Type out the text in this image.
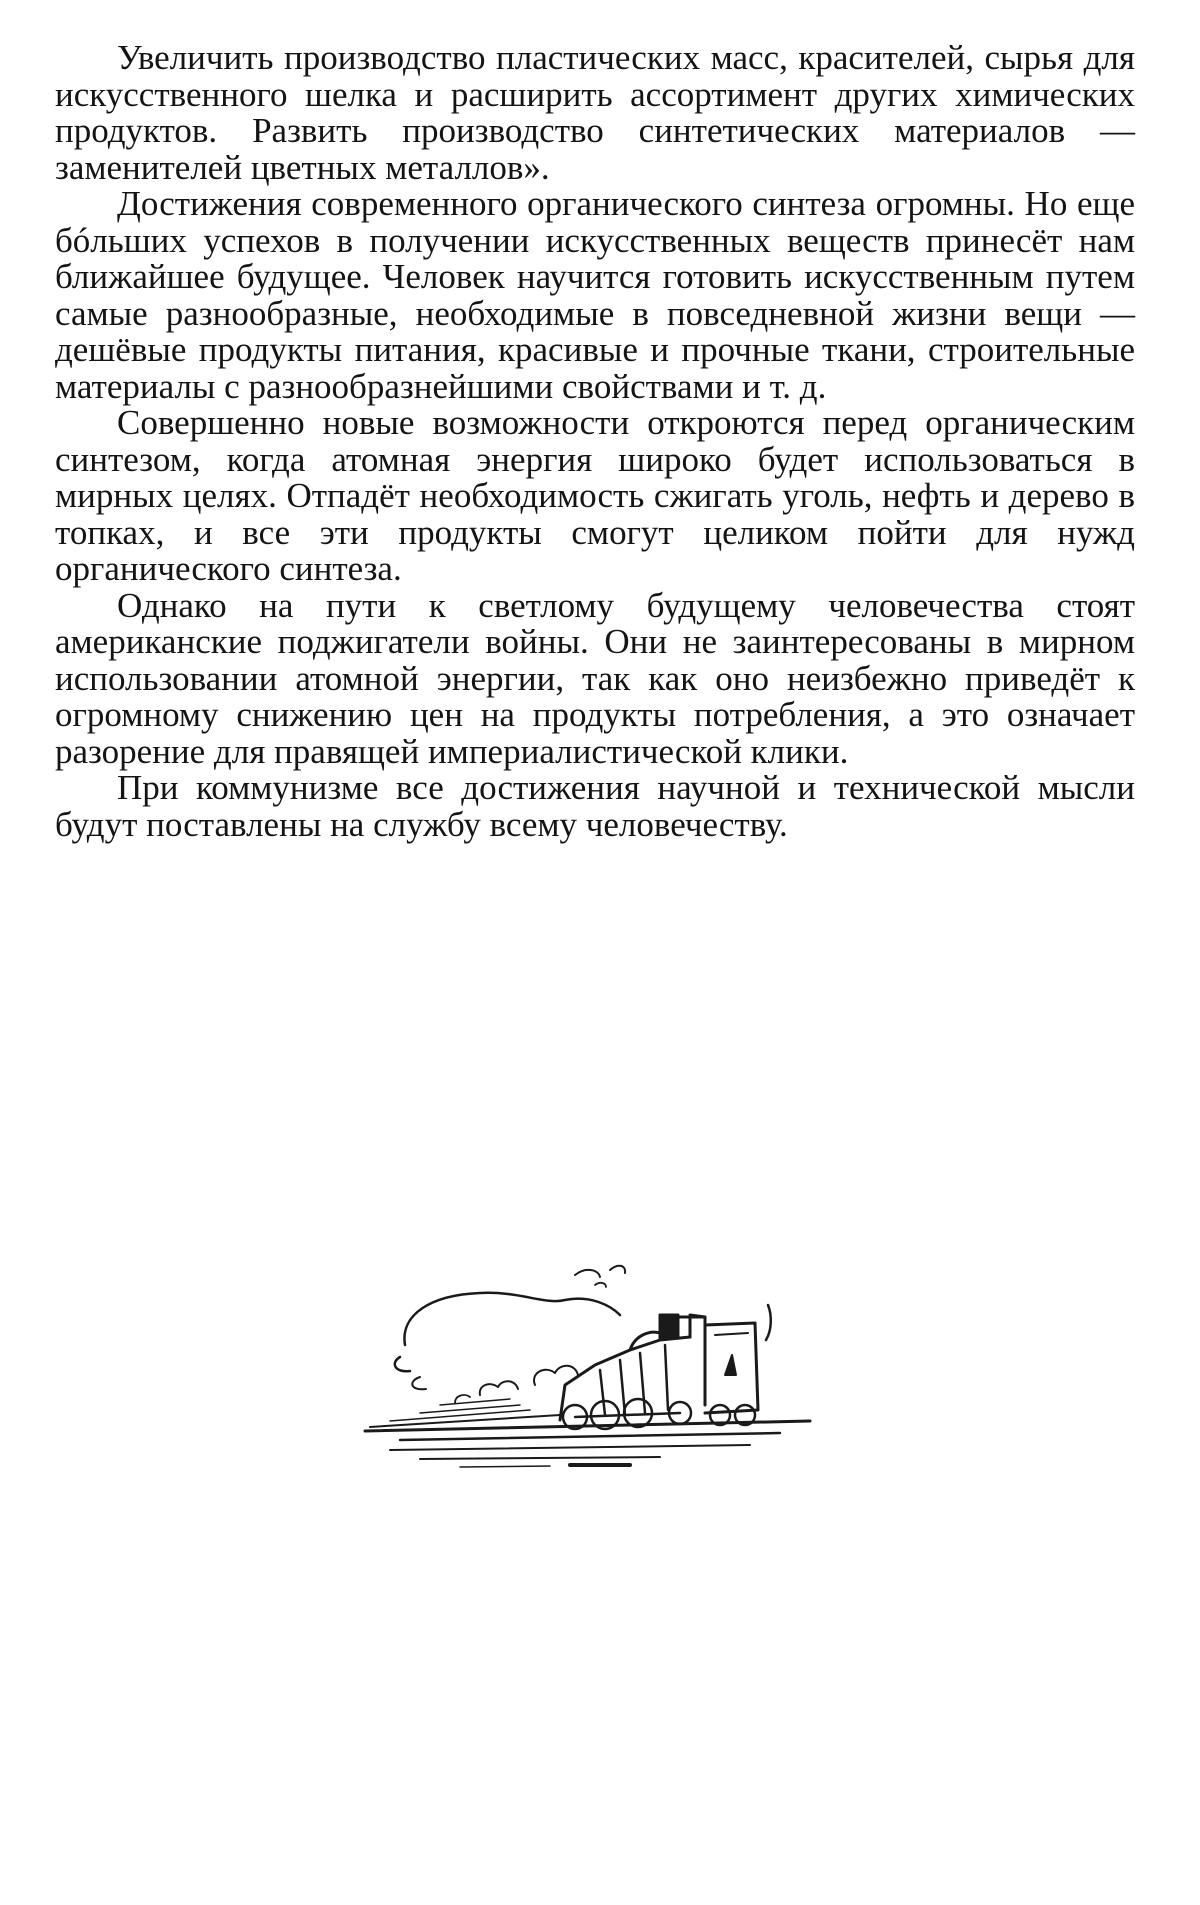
Увеличить производство пластических масс, красителей, сырья для искусственного шелка и расширить ассортимент других химических продуктов. Развить производство синтетических материалов — заменителей цветных металлов».

Достижения современного органического синтеза огромны. Но еще бóльших успехов в получении искусственных веществ принесёт нам ближайшее будущее. Человек научится готовить искусственным путем самые разнообразные, необходимые в повседневной жизни вещи — дешёвые продукты питания, красивые и прочные ткани, строительные материалы с разнообразнейшими свойствами и т. д.

Совершенно новые возможности откроются перед органическим синтезом, когда атомная энергия широко будет использоваться в мирных целях. Отпадёт необходимость сжигать уголь, нефть и дерево в топках, и все эти продукты смогут целиком пойти для нужд органического синтеза.

Однако на пути к светлому будущему человечества стоят американские поджигатели войны. Они не заинтересованы в мирном использовании атомной энергии, так как оно неизбежно приведёт к огромному снижению цен на продукты потребления, а это означает разорение для правящей империалистической клики.

При коммунизме все достижения научной и технической мысли будут поставлены на службу всему человечеству.
